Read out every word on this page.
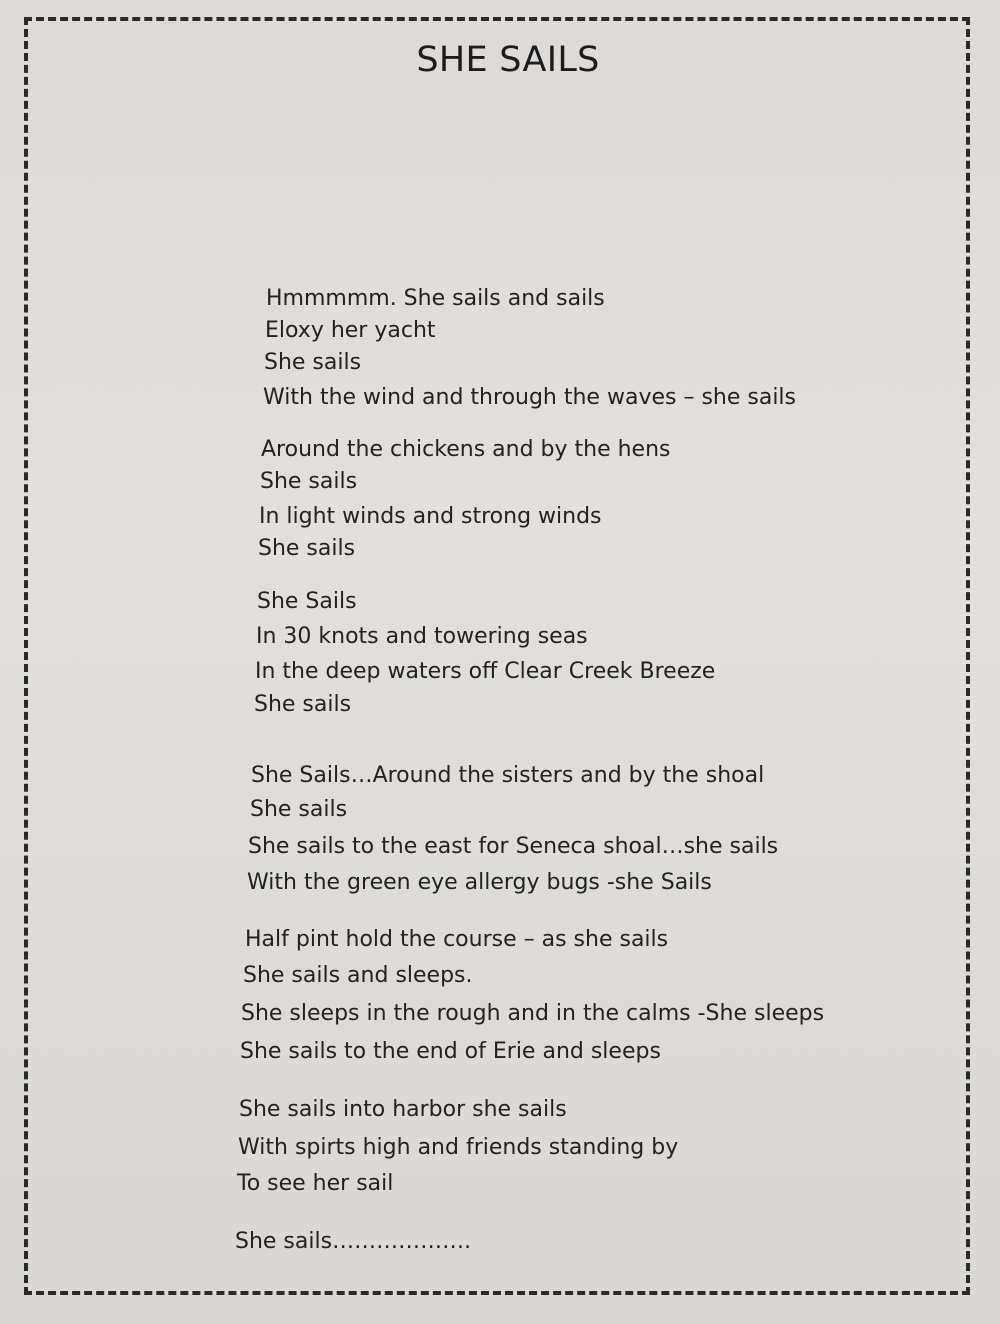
SHE SAILS
Hmmmmm. She sails and sails
Eloxy her yacht
She sails
With the wind and through the waves – she sails
Around the chickens and by the hens
She sails
In light winds and strong winds
She sails
She Sails
In 30 knots and towering seas
In the deep waters off Clear Creek Breeze
She sails
She Sails…Around the sisters and by the shoal
She sails
She sails to the east for Seneca shoal…she sails
With the green eye allergy bugs -she Sails
Half pint hold the course – as she sails
She sails and sleeps.
She sleeps in the rough and in the calms -She sleeps
She sails to the end of Erie and sleeps
She sails into harbor she sails
With spirts high and friends standing by
To see her sail
She sails……………….
